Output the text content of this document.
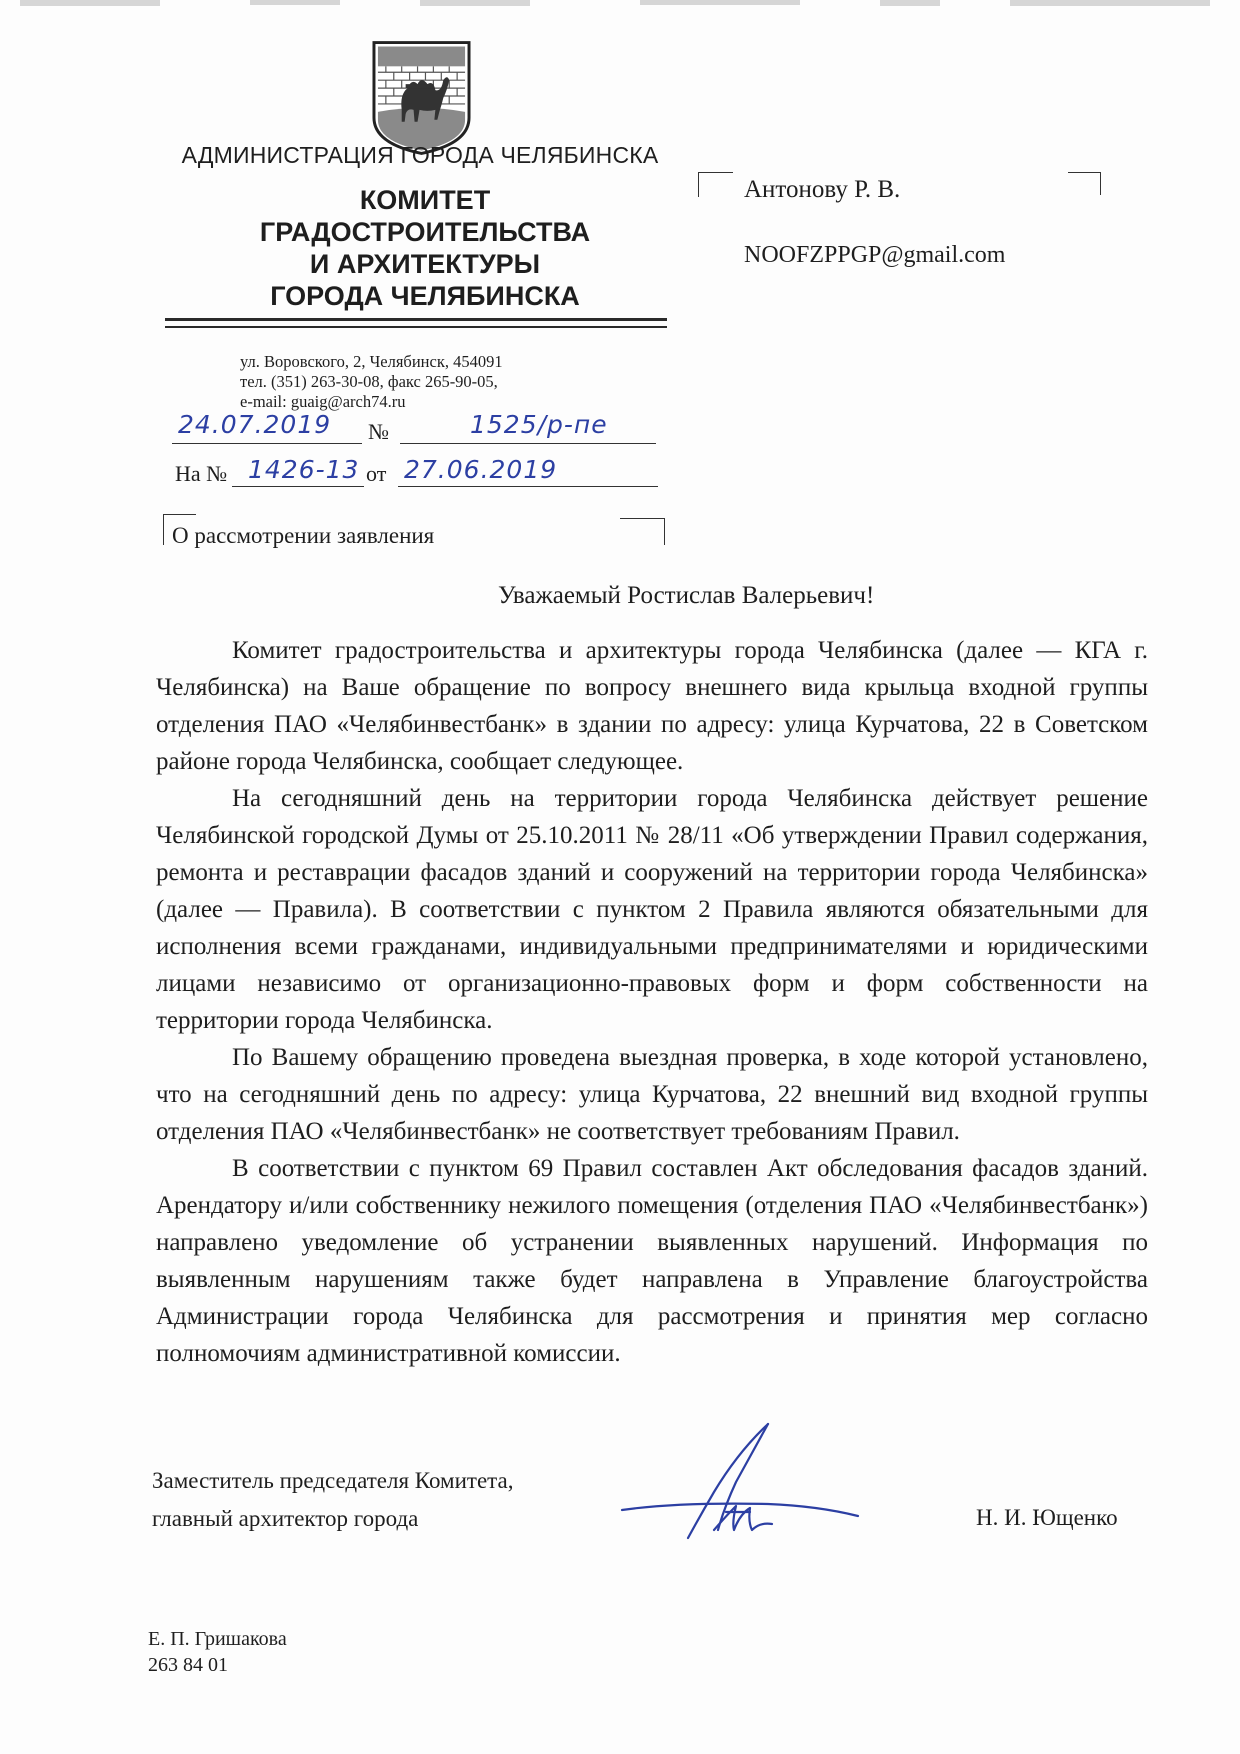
АДМИНИСТРАЦИЯ ГОРОДА ЧЕЛЯБИНСКА
КОМИТЕТ
ГРАДОСТРОИТЕЛЬСТВА
И АРХИТЕКТУРЫ
ГОРОДА ЧЕЛЯБИНСКА
ул. Воровского, 2, Челябинск, 454091
тел. (351) 263-30-08, факс 265-90-05,
e-mail: guaig@arch74.ru
24.07.2019 №	1525/р-пе
На № 1426-13 от 27.06.2019
Антонову Р. В.
NOOFZPPGP@gmail.com
О рассмотрении заявления
Уважаемый Ростислав Валерьевич!

Комитет градостроительства и архитектуры города Челябинска (далее — КГА г. Челябинска) на Ваше обращение по вопросу внешнего вида крыльца входной группы отделения ПАО «Челябинвестбанк» в здании по адресу: улица Курчатова, 22 в Советском районе города Челябинска, сообщает следующее.

На сегодняшний день на территории города Челябинска действует решение Челябинской городской Думы от 25.10.2011 № 28/11 «Об утверждении Правил содержания, ремонта и реставрации фасадов зданий и сооружений на территории города Челябинска» (далее — Правила). В соответствии с пунктом 2 Правила являются обязательными для исполнения всеми гражданами, индивидуальными предпринимателями и юридическими лицами независимо от организационно-правовых форм и форм собственности на территории города Челябинска.

По Вашему обращению проведена выездная проверка, в ходе которой установлено, что на сегодняшний день по адресу: улица Курчатова, 22 внешний вид входной группы отделения ПАО «Челябинвестбанк» не соответствует требованиям Правил.

В соответствии с пунктом 69 Правил составлен Акт обследования фасадов зданий. Арендатору и/или собственнику нежилого помещения (отделения ПАО «Челябинвестбанк») направлено уведомление об устранении выявленных нарушений. Информация по выявленным нарушениям также будет направлена в Управление благоустройства Администрации города Челябинска для рассмотрения и принятия мер согласно полномочиям административной комиссии.

Заместитель председателя Комитета,
главный архитектор города	Н. И. Ющенко
Е. П. Гришакова
263 84 01
